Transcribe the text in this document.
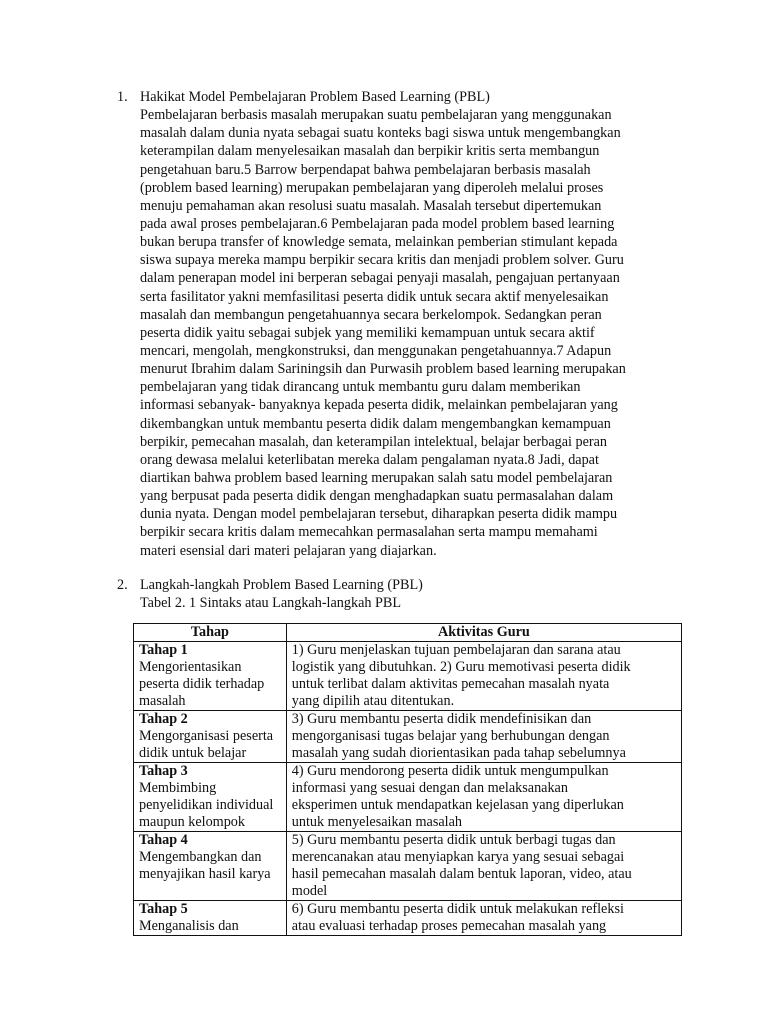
1. Hakikat Model Pembelajaran Problem Based Learning (PBL)
Pembelajaran berbasis masalah merupakan suatu pembelajaran yang menggunakan
masalah dalam dunia nyata sebagai suatu konteks bagi siswa untuk mengembangkan
keterampilan dalam menyelesaikan masalah dan berpikir kritis serta membangun
pengetahuan baru.5 Barrow berpendapat bahwa pembelajaran berbasis masalah
(problem based learning) merupakan pembelajaran yang diperoleh melalui proses
menuju pemahaman akan resolusi suatu masalah. Masalah tersebut dipertemukan
pada awal proses pembelajaran.6 Pembelajaran pada model problem based learning
bukan berupa transfer of knowledge semata, melainkan pemberian stimulant kepada
siswa supaya mereka mampu berpikir secara kritis dan menjadi problem solver. Guru
dalam penerapan model ini berperan sebagai penyaji masalah, pengajuan pertanyaan
serta fasilitator yakni memfasilitasi peserta didik untuk secara aktif menyelesaikan
masalah dan membangun pengetahuannya secara berkelompok. Sedangkan peran
peserta didik yaitu sebagai subjek yang memiliki kemampuan untuk secara aktif
mencari, mengolah, mengkonstruksi, dan menggunakan pengetahuannya.7 Adapun
menurut Ibrahim dalam Sariningsih dan Purwasih problem based learning merupakan
pembelajaran yang tidak dirancang untuk membantu guru dalam memberikan
informasi sebanyak- banyaknya kepada peserta didik, melainkan pembelajaran yang
dikembangkan untuk membantu peserta didik dalam mengembangkan kemampuan
berpikir, pemecahan masalah, dan keterampilan intelektual, belajar berbagai peran
orang dewasa melalui keterlibatan mereka dalam pengalaman nyata.8 Jadi, dapat
diartikan bahwa problem based learning merupakan salah satu model pembelajaran
yang berpusat pada peserta didik dengan menghadapkan suatu permasalahan dalam
dunia nyata. Dengan model pembelajaran tersebut, diharapkan peserta didik mampu
berpikir secara kritis dalam memecahkan permasalahan serta mampu memahami
materi esensial dari materi pelajaran yang diajarkan.
2. Langkah-langkah Problem Based Learning (PBL)
Tabel 2. 1 Sintaks atau Langkah-langkah PBL
Tahap	Aktivitas Guru

Tahap 1
Mengorientasikan
peserta didik terhadap
masalah	1) Guru menjelaskan tujuan pembelajaran dan sarana atau
logistik yang dibutuhkan. 2) Guru memotivasi peserta didik
untuk terlibat dalam aktivitas pemecahan masalah nyata
yang dipilih atau ditentukan.

Tahap 2
Mengorganisasi peserta
didik untuk belajar	3) Guru membantu peserta didik mendefinisikan dan
mengorganisasi tugas belajar yang berhubungan dengan
masalah yang sudah diorientasikan pada tahap sebelumnya

Tahap 3
Membimbing
penyelidikan individual
maupun kelompok	4) Guru mendorong peserta didik untuk mengumpulkan
informasi yang sesuai dengan dan melaksanakan
eksperimen untuk mendapatkan kejelasan yang diperlukan
untuk menyelesaikan masalah

Tahap 4
Mengembangkan dan
menyajikan hasil karya	5) Guru membantu peserta didik untuk berbagi tugas dan
merencanakan atau menyiapkan karya yang sesuai sebagai
hasil pemecahan masalah dalam bentuk laporan, video, atau
model

Tahap 5
Menganalisis dan	6) Guru membantu peserta didik untuk melakukan refleksi
atau evaluasi terhadap proses pemecahan masalah yang
